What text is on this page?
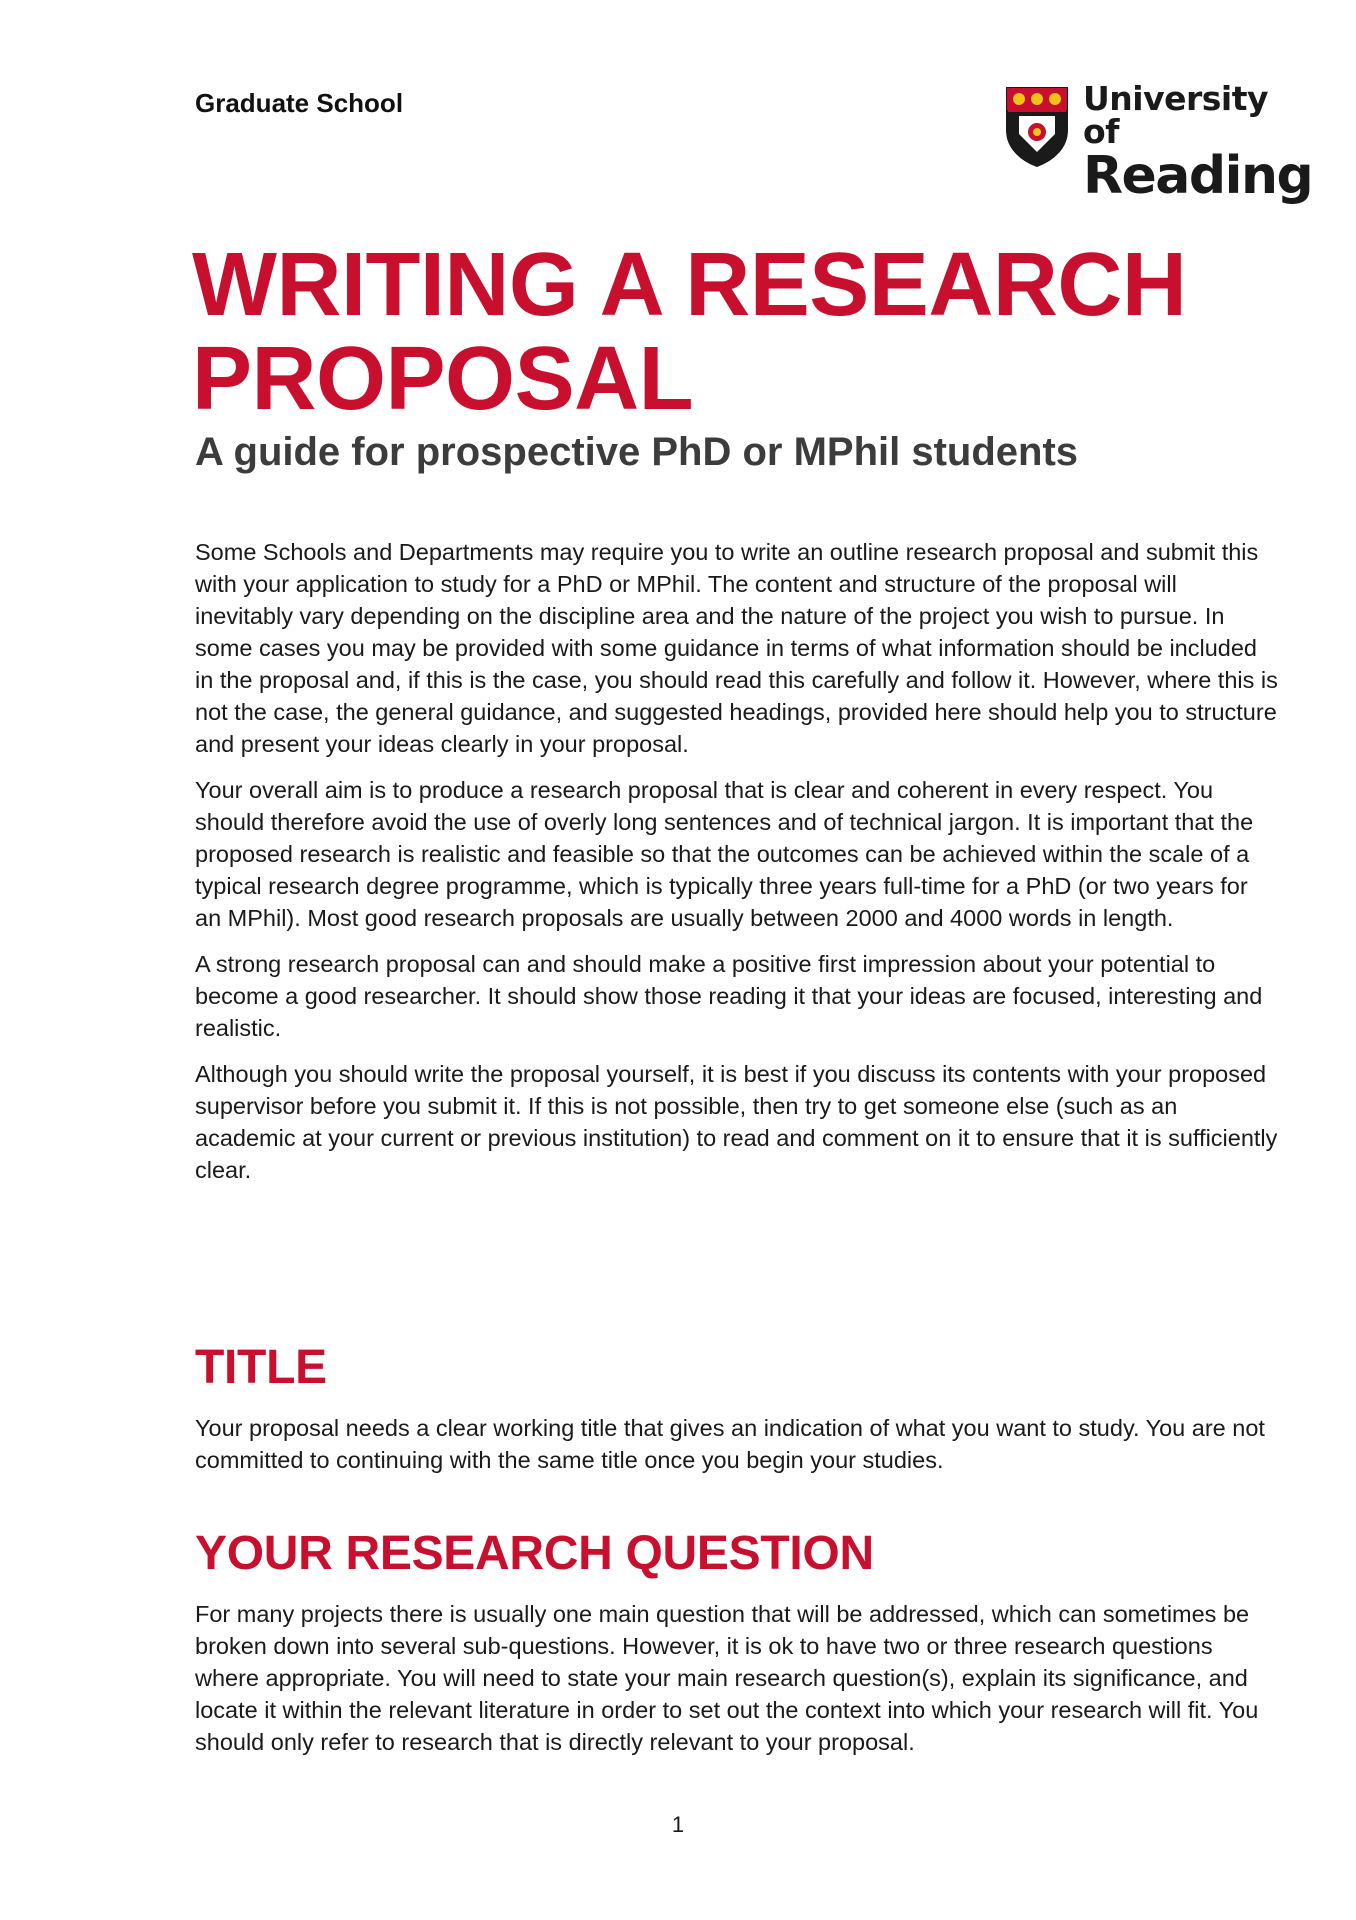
Graduate School	University of
Reading
WRITING A RESEARCH PROPOSAL
A guide for prospective PhD or MPhil students

Some Schools and Departments may require you to write an outline research proposal and submit this with your application to study for a PhD or MPhil. The content and structure of the proposal will inevitably vary depending on the discipline area and the nature of the project you wish to pursue. In some cases you may be provided with some guidance in terms of what information should be included in the proposal and, if this is the case, you should read this carefully and follow it. However, where this is not the case, the general guidance, and suggested headings, provided here should help you to structure and present your ideas clearly in your proposal.

Your overall aim is to produce a research proposal that is clear and coherent in every respect. You should therefore avoid the use of overly long sentences and of technical jargon. It is important that the proposed research is realistic and feasible so that the outcomes can be achieved within the scale of a typical research degree programme, which is typically three years full-time for a PhD (or two years for an MPhil). Most good research proposals are usually between 2000 and 4000 words in length.

A strong research proposal can and should make a positive first impression about your potential to become a good researcher. It should show those reading it that your ideas are focused, interesting and realistic.

Although you should write the proposal yourself, it is best if you discuss its contents with your proposed supervisor before you submit it. If this is not possible, then try to get someone else (such as an academic at your current or previous institution) to read and comment on it to ensure that it is sufficiently clear.

TITLE

Your proposal needs a clear working title that gives an indication of what you want to study. You are not committed to continuing with the same title once you begin your studies.

YOUR RESEARCH QUESTION

For many projects there is usually one main question that will be addressed, which can sometimes be broken down into several sub-questions. However, it is ok to have two or three research questions where appropriate. You will need to state your main research question(s), explain its significance, and locate it within the relevant literature in order to set out the context into which your research will fit. You should only refer to research that is directly relevant to your proposal.

1
